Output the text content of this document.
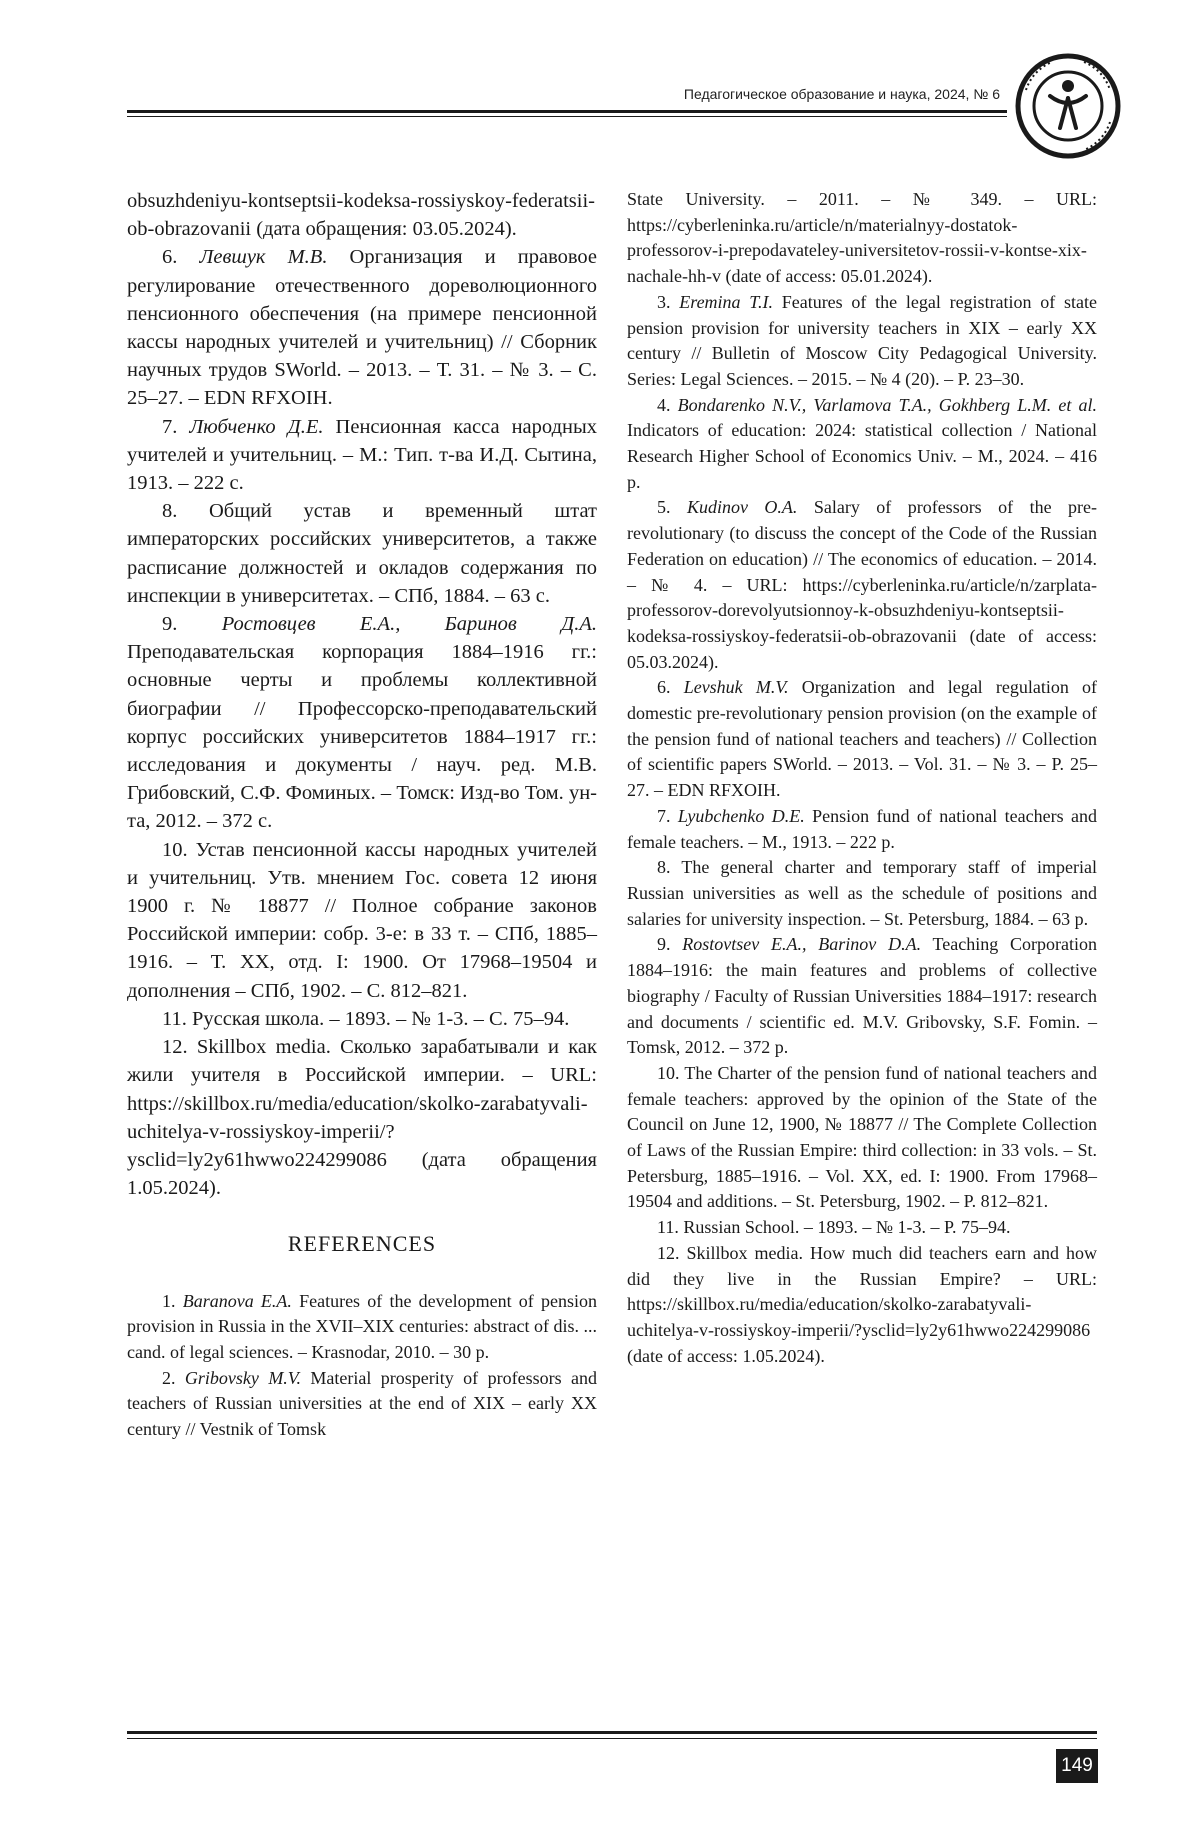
Педагогическое образование и наука, 2024, № 6

obsuzhdeniyu-kontseptsii-kodeksa-rossiyskoy-federatsii-ob-obrazovanii (дата обращения: 03.05.2024).

6. Левшук М.В. Организация и правовое регулирование отечественного дореволюционного пенсионного обеспечения (на примере пенсионной кассы народных учителей и учительниц) // Сборник научных трудов SWorld. – 2013. – Т. 31. – № 3. – С. 25–27. – EDN RFXOIH.

7. Любченко Д.Е. Пенсионная касса народных учителей и учительниц. – М.: Тип. т-ва И.Д. Сытина, 1913. – 222 с.

8. Общий устав и временный штат императорских российских университетов, а также расписание должностей и окладов содержания по инспекции в университетах. – СПб, 1884. – 63 с.

9. Ростовцев Е.А., Баринов Д.А. Преподавательская корпорация 1884–1916 гг.: основные черты и проблемы коллективной биографии // Профессорско-преподавательский корпус российских университетов 1884–1917 гг.: исследования и документы / науч. ред. М.В. Грибовский, С.Ф. Фоминых. – Томск: Изд-во Том. ун-та, 2012. – 372 с.

10. Устав пенсионной кассы народных учителей и учительниц. Утв. мнением Гос. совета 12 июня 1900 г. № 18877 // Полное собрание законов Российской империи: собр. 3-е: в 33 т. – СПб, 1885–1916. – Т. XX, отд. I: 1900. От 17968–19504 и дополнения – СПб, 1902. – С. 812–821.

11. Русская школа. – 1893. – № 1-3. – С. 75–94.

12. Skillbox media. Сколько зарабатывали и как жили учителя в Российской империи. – URL: https://skillbox.ru/media/education/skolko-zarabatyvali-uchitelya-v-rossiyskoy-imperii/?ysclid=ly2y61hwwo224299086 (дата обращения 1.05.2024).

REFERENCES

1. Baranova E.A. Features of the development of pension provision in Russia in the XVII–XIX centuries: abstract of dis. ... cand. of legal sciences. – Krasnodar, 2010. – 30 p.

2. Gribovsky M.V. Material prosperity of professors and teachers of Russian universities at the end of XIX – early XX century // Vestnik of Tomsk

State University. – 2011. – № 349. – URL: https://cyberleninka.ru/article/n/materialnyy-dostatok-professorov-i-prepodavateley-universitetov-rossii-v-kontse-xix-nachale-hh-v (date of access: 05.01.2024).

3. Eremina T.I. Features of the legal registration of state pension provision for university teachers in XIX – early XX century // Bulletin of Moscow City Pedagogical University. Series: Legal Sciences. – 2015. – № 4 (20). – P. 23–30.

4. Bondarenko N.V., Varlamova T.A., Gokhberg L.M. et al. Indicators of education: 2024: statistical collection / National Research Higher School of Economics Univ. – M., 2024. – 416 p.

5. Kudinov O.A. Salary of professors of the pre-revolutionary (to discuss the concept of the Code of the Russian Federation on education) // The economics of education. – 2014. – № 4. – URL: https://cyberleninka.ru/article/n/zarplata-professorov-dorevolyutsionnoy-k-obsuzhdeniyu-kontseptsii-kodeksa-rossiyskoy-federatsii-ob-obrazovanii (date of access: 05.03.2024).

6. Levshuk M.V. Organization and legal regulation of domestic pre-revolutionary pension provision (on the example of the pension fund of national teachers and teachers) // Collection of scientific papers SWorld. – 2013. – Vol. 31. – № 3. – P. 25–27. – EDN RFXOIH.

7. Lyubchenko D.E. Pension fund of national teachers and female teachers. – M., 1913. – 222 p.

8. The general charter and temporary staff of imperial Russian universities as well as the schedule of positions and salaries for university inspection. – St. Petersburg, 1884. – 63 p.

9. Rostovtsev E.A., Barinov D.A. Teaching Corporation 1884–1916: the main features and problems of collective biography / Faculty of Russian Universities 1884–1917: research and documents / scientific ed. M.V. Gribovsky, S.F. Fomin. – Tomsk, 2012. – 372 p.

10. The Charter of the pension fund of national teachers and female teachers: approved by the opinion of the State of the Council on June 12, 1900, № 18877 // The Complete Collection of Laws of the Russian Empire: third collection: in 33 vols. – St. Petersburg, 1885–1916. – Vol. XX, ed. I: 1900. From 17968–19504 and additions. – St. Petersburg, 1902. – P. 812–821.

11. Russian School. – 1893. – № 1-3. – P. 75–94.

12. Skillbox media. How much did teachers earn and how did they live in the Russian Empire? – URL: https://skillbox.ru/media/education/skolko-zarabatyvali-uchitelya-v-rossiyskoy-imperii/?ysclid=ly2y61hwwo224299086 (date of access: 1.05.2024).

149
